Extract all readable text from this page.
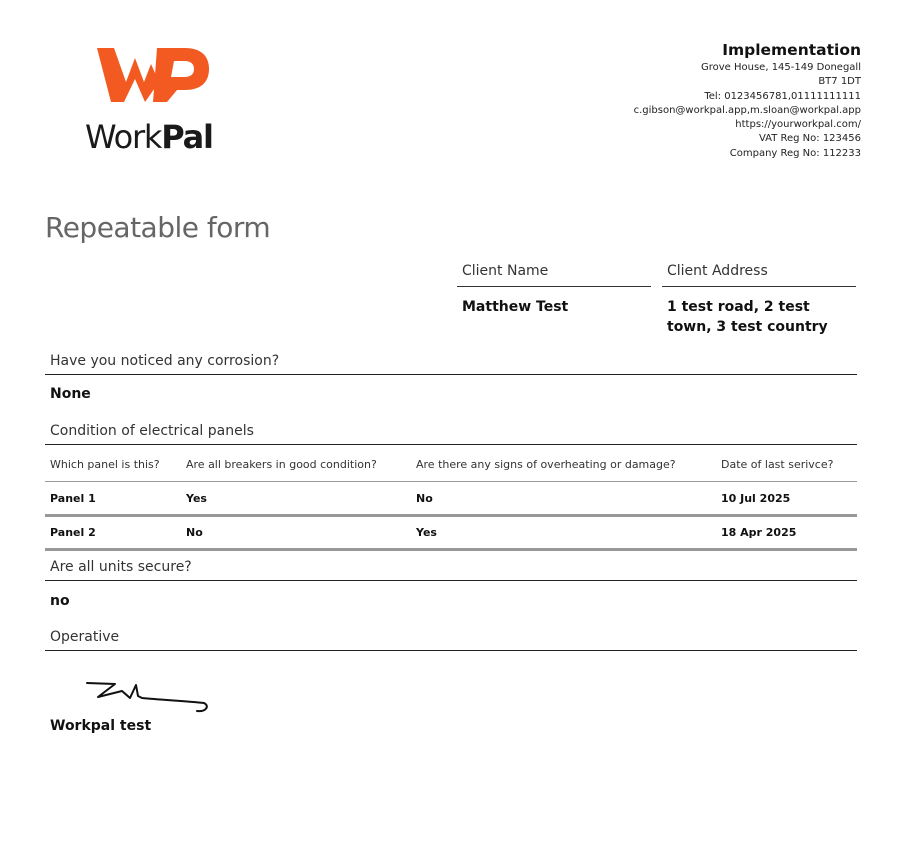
WorkPal
Implementation
Grove House, 145-149 Donegall
BT7 1DT
Tel: 0123456781,01111111111
c.gibson@workpal.app,m.sloan@workpal.app
https://yourworkpal.com/
VAT Reg No: 123456
Company Reg No: 112233
Repeatable form
Client Name
Matthew Test
Client Address
1 test road, 2 test town, 3 test country
Have you noticed any corrosion?
None
Condition of electrical panels
Which panel is this?	Are all breakers in good condition?	Are there any signs of overheating or damage?	Date of last serivce?
Panel 1	Yes	No	10 Jul 2025
Panel 2	No	Yes	18 Apr 2025
Are all units secure?
no
Operative
Workpal test
